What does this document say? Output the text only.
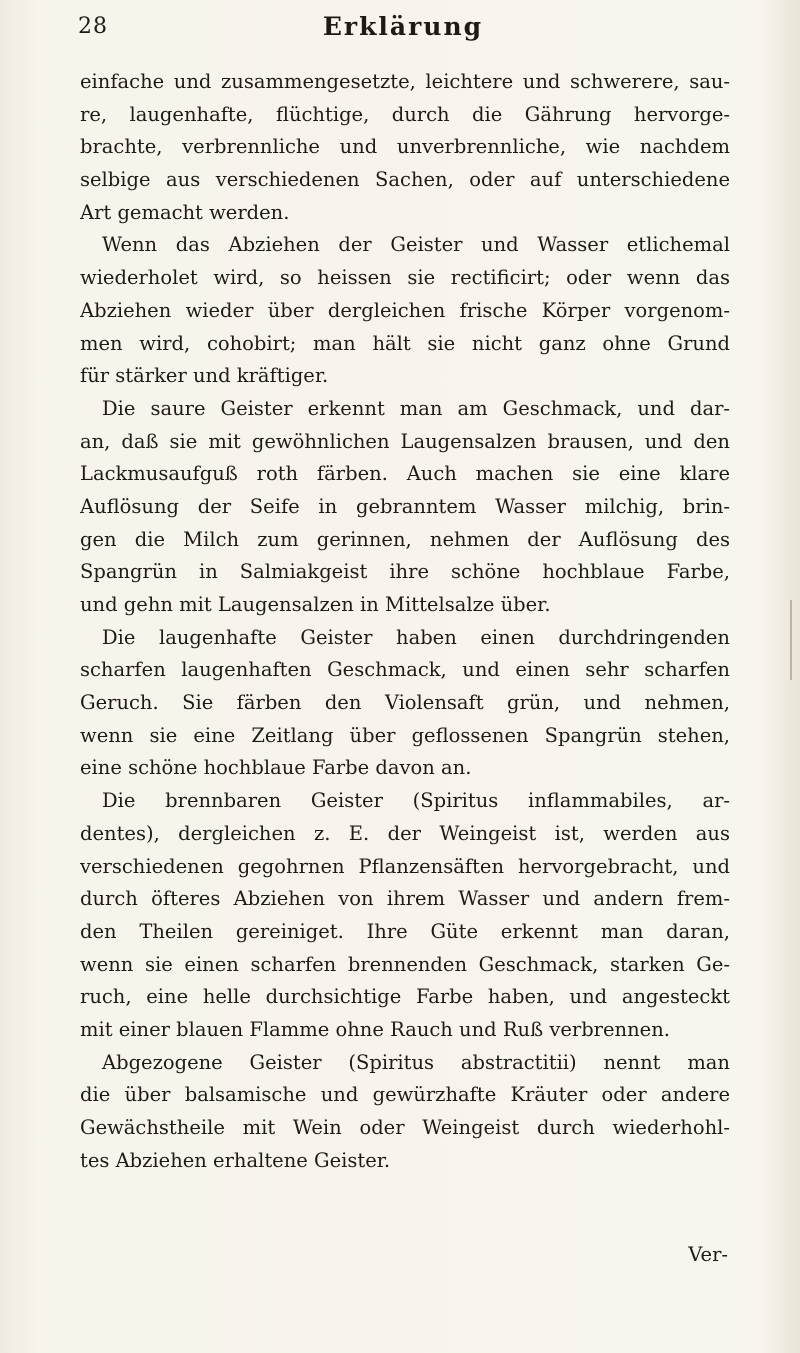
28	Erklärung
einfache und zusammengesetzte, leichtere und schwerere, sau-
re, laugenhafte, flüchtige, durch die Gährung hervorge-
brachte, verbrennliche und unverbrennliche, wie nachdem
selbige aus verschiedenen Sachen, oder auf unterschiedene
Art gemacht werden.
Wenn das Abziehen der Geister und Wasser etlichemal
wiederholet wird, so heissen sie rectificirt; oder wenn das
Abziehen wieder über dergleichen frische Körper vorgenom-
men wird, cohobirt; man hält sie nicht ganz ohne Grund
für stärker und kräftiger.
Die saure Geister erkennt man am Geschmack, und dar-
an, daß sie mit gewöhnlichen Laugensalzen brausen, und den
Lackmusaufguß roth färben. Auch machen sie eine klare
Auflösung der Seife in gebranntem Wasser milchig, brin-
gen die Milch zum gerinnen, nehmen der Auflösung des
Spangrün in Salmiakgeist ihre schöne hochblaue Farbe,
und gehn mit Laugensalzen in Mittelsalze über.
Die laugenhafte Geister haben einen durchdringenden
scharfen laugenhaften Geschmack, und einen sehr scharfen
Geruch. Sie färben den Violensaft grün, und nehmen,
wenn sie eine Zeitlang über geflossenen Spangrün stehen,
eine schöne hochblaue Farbe davon an.
Die brennbaren Geister (Spiritus inflammabiles, ar-
dentes), dergleichen z. E. der Weingeist ist, werden aus
verschiedenen gegohrnen Pflanzensäften hervorgebracht, und
durch öfteres Abziehen von ihrem Wasser und andern frem-
den Theilen gereiniget. Ihre Güte erkennt man daran,
wenn sie einen scharfen brennenden Geschmack, starken Ge-
ruch, eine helle durchsichtige Farbe haben, und angesteckt
mit einer blauen Flamme ohne Rauch und Ruß verbrennen.
Abgezogene Geister (Spiritus abstractitii) nennt man
die über balsamische und gewürzhafte Kräuter oder andere
Gewächstheile mit Wein oder Weingeist durch wiederhohl-
tes Abziehen erhaltene Geister.
Ver-
